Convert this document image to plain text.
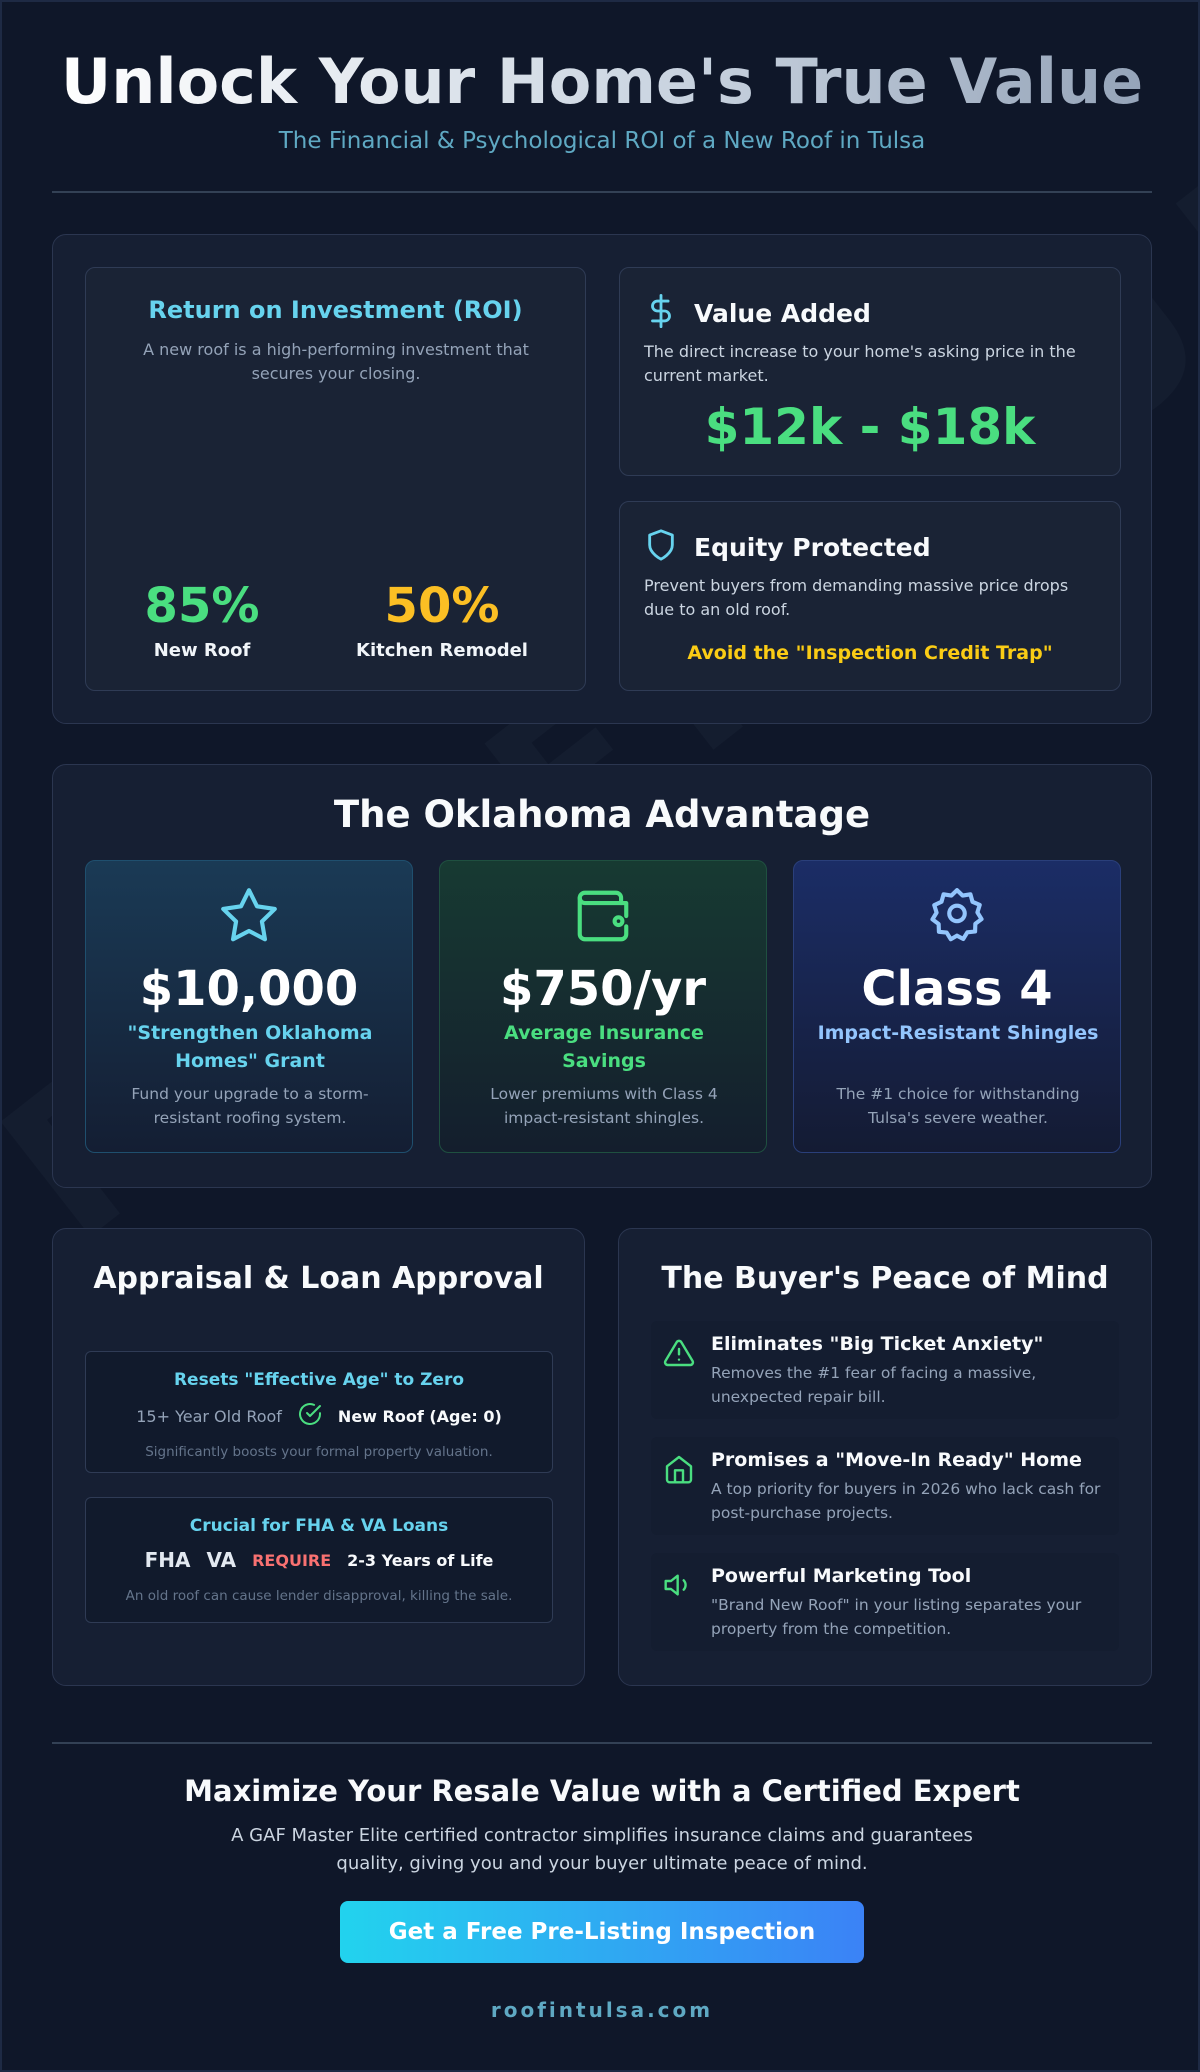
Unlock Your Home's True Value
The Financial & Psychological ROI of a New Roof in Tulsa
Return on Investment (ROI)
A new roof is a high-performing investment that secures your closing.
85%
New Roof
50%
Kitchen Remodel
Value Added
The direct increase to your home's asking price in the current market.
$12k - $18k
Equity Protected
Prevent buyers from demanding massive price drops due to an old roof.
Avoid the "Inspection Credit Trap"
The Oklahoma Advantage
$10,000
"Strengthen Oklahoma Homes" Grant
Fund your upgrade to a storm-resistant roofing system.
$750/yr
Average Insurance Savings
Lower premiums with Class 4 impact-resistant shingles.
Class 4
Impact-Resistant Shingles
The #1 choice for withstanding Tulsa's severe weather.
Appraisal & Loan Approval
Resets "Effective Age" to Zero
15+ Year Old Roof	New Roof (Age: 0)
Significantly boosts your formal property valuation.
Crucial for FHA & VA Loans
FHA VA REQUIRE 2-3 Years of Life
An old roof can cause lender disapproval, killing the sale.
The Buyer's Peace of Mind
Eliminates "Big Ticket Anxiety"
Removes the #1 fear of facing a massive, unexpected repair bill.
Promises a "Move-In Ready" Home
A top priority for buyers in 2026 who lack cash for post-purchase projects.
Powerful Marketing Tool
"Brand New Roof" in your listing separates your property from the competition.
Maximize Your Resale Value with a Certified Expert
A GAF Master Elite certified contractor simplifies insurance claims and guarantees quality, giving you and your buyer ultimate peace of mind.
Get a Free Pre-Listing Inspection
roofintulsa.com
